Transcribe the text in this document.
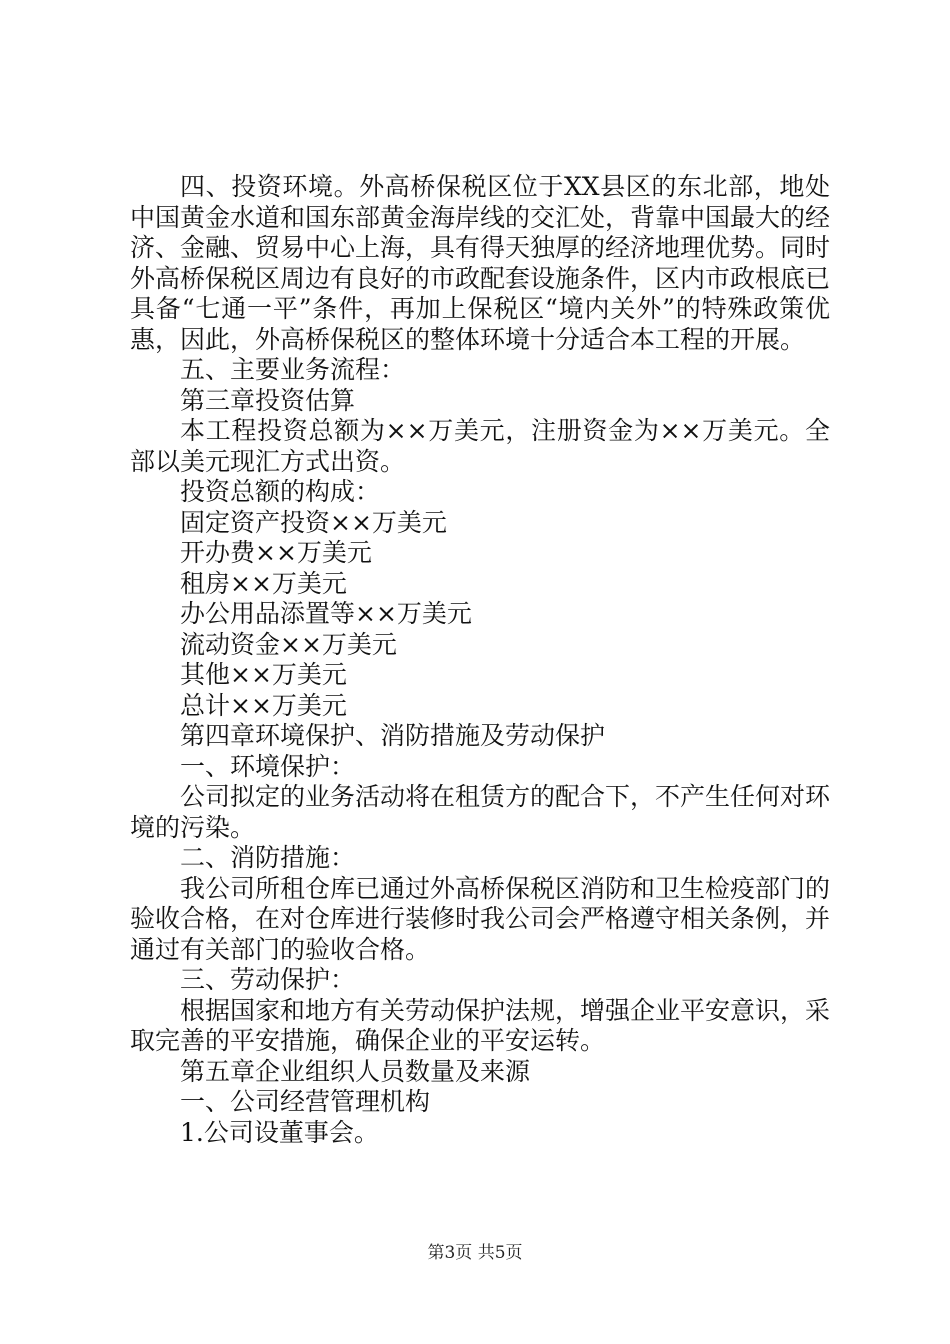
四、投资环境。外高桥保税区位于XX县区的东北部，地处中国黄金水道和国东部黄金海岸线的交汇处，背靠中国最大的经济、金融、贸易中心上海，具有得天独厚的经济地理优势。同时外高桥保税区周边有良好的市政配套设施条件，区内市政根底已具备“七通一平”条件，再加上保税区“境内关外”的特殊政策优惠，因此，外高桥保税区的整体环境十分适合本工程的开展。

五、主要业务流程：

第三章投资估算

本工程投资总额为××万美元，注册资金为××万美元。全部以美元现汇方式出资。

投资总额的构成：

固定资产投资××万美元

开办费××万美元

租房××万美元

办公用品添置等××万美元

流动资金××万美元

其他××万美元

总计××万美元

第四章环境保护、消防措施及劳动保护

一、环境保护：

公司拟定的业务活动将在租赁方的配合下，不产生任何对环境的污染。

二、消防措施：

我公司所租仓库已通过外高桥保税区消防和卫生检疫部门的验收合格，在对仓库进行装修时我公司会严格遵守相关条例，并通过有关部门的验收合格。

三、劳动保护：

根据国家和地方有关劳动保护法规，增强企业平安意识，采取完善的平安措施，确保企业的平安运转。

第五章企业组织人员数量及来源

一、公司经营管理机构

1.公司设董事会。

第3页 共5页
